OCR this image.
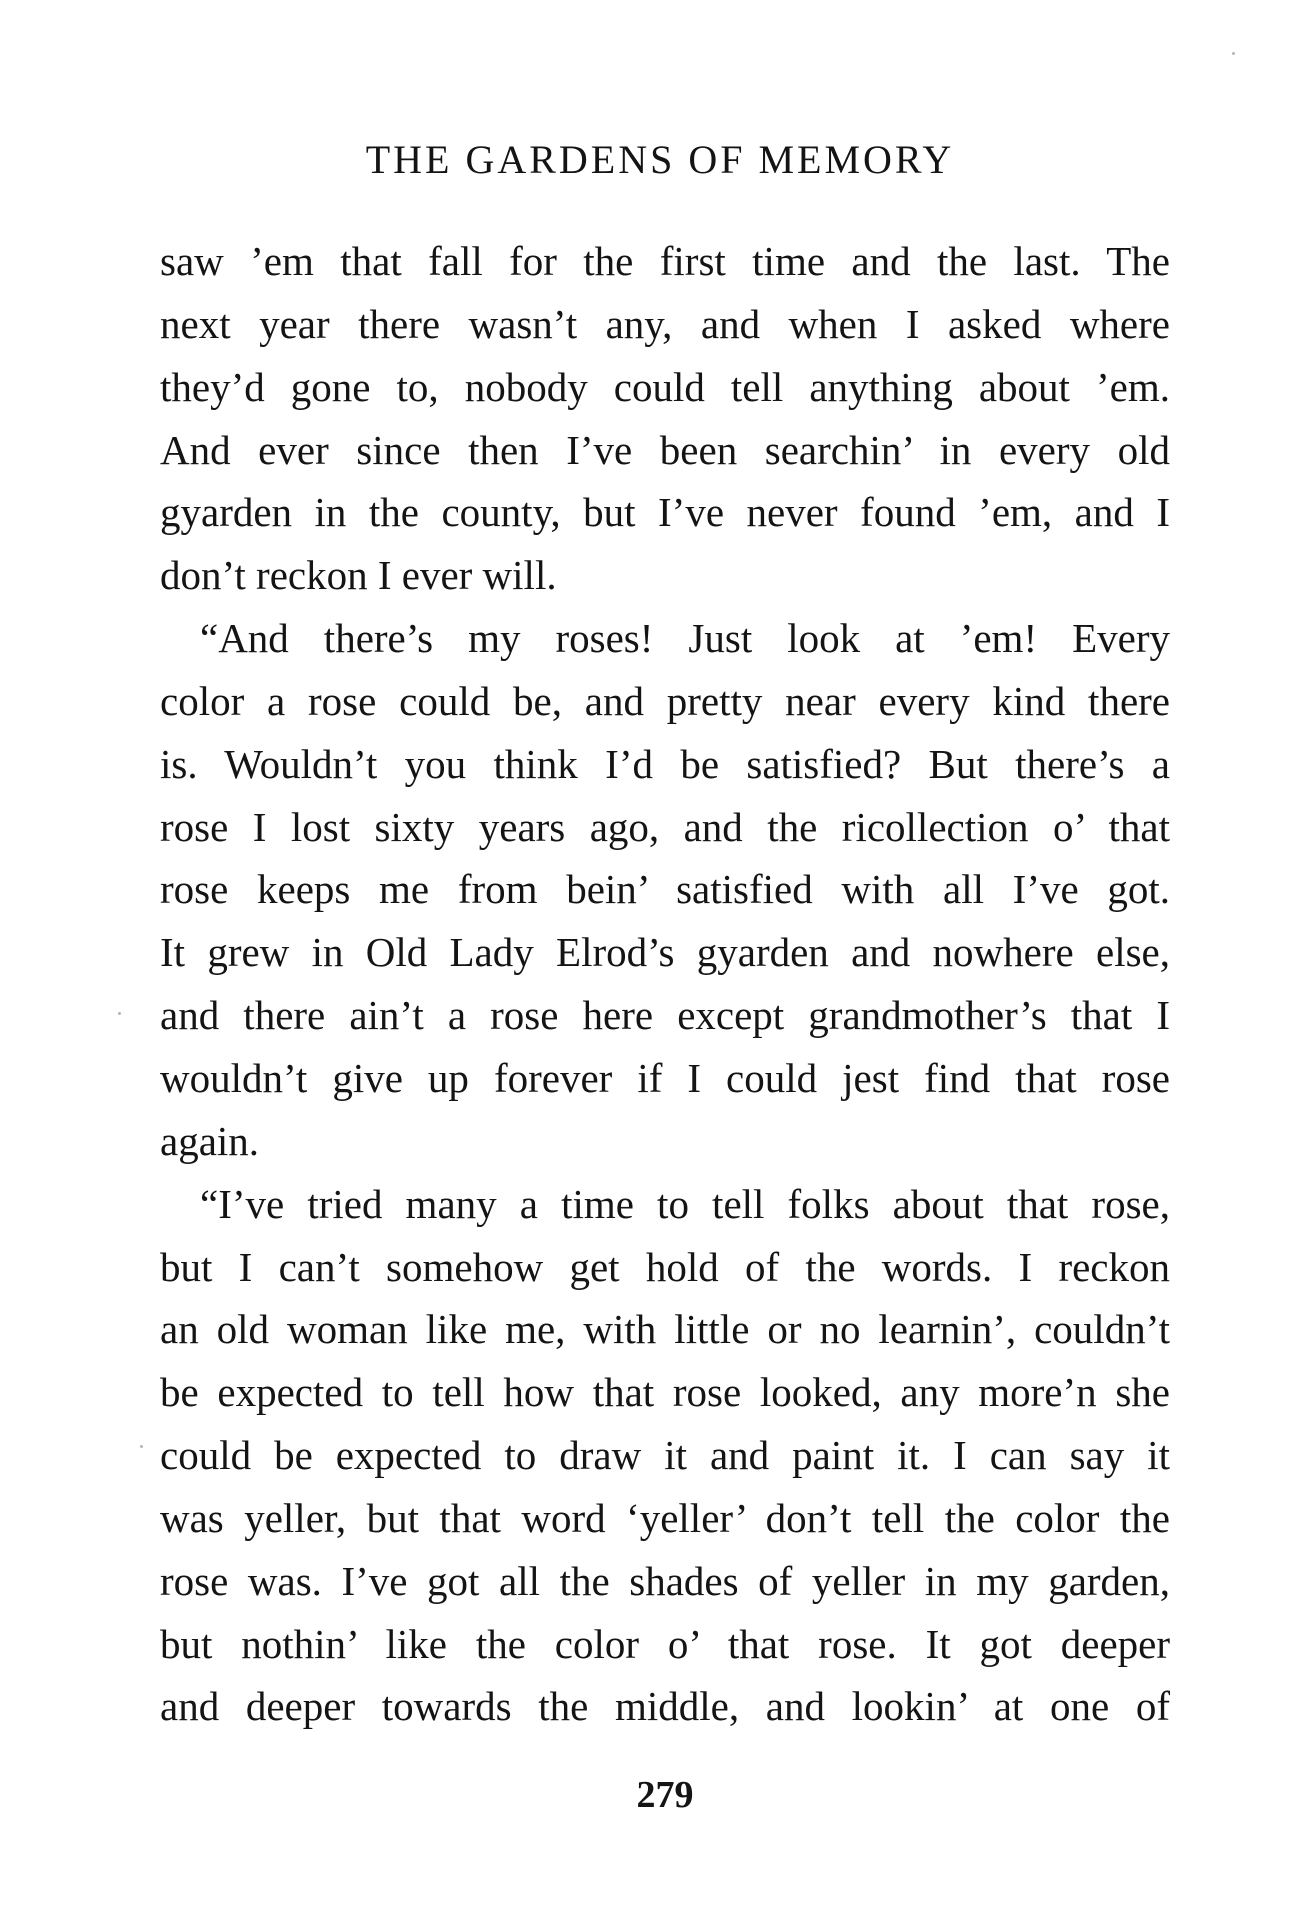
THE GARDENS OF MEMORY
saw ’em that fall for the first time and the last. The
next year there wasn’t any, and when I asked where
they’d gone to, nobody could tell anything about ’em.
And ever since then I’ve been searchin’ in every old
gyarden in the county, but I’ve never found ’em, and I
don’t reckon I ever will.
“And there’s my roses! Just look at ’em! Every
color a rose could be, and pretty near every kind there
is. Wouldn’t you think I’d be satisfied? But there’s a
rose I lost sixty years ago, and the ricollection o’ that
rose keeps me from bein’ satisfied with all I’ve got.
It grew in Old Lady Elrod’s gyarden and nowhere else,
and there ain’t a rose here except grandmother’s that I
wouldn’t give up forever if I could jest find that rose
again.
“I’ve tried many a time to tell folks about that rose,
but I can’t somehow get hold of the words. I reckon
an old woman like me, with little or no learnin’, couldn’t
be expected to tell how that rose looked, any more’n she
could be expected to draw it and paint it. I can say it
was yeller, but that word ‘yeller’ don’t tell the color the
rose was. I’ve got all the shades of yeller in my garden,
but nothin’ like the color o’ that rose. It got deeper
and deeper towards the middle, and lookin’ at one of
279
